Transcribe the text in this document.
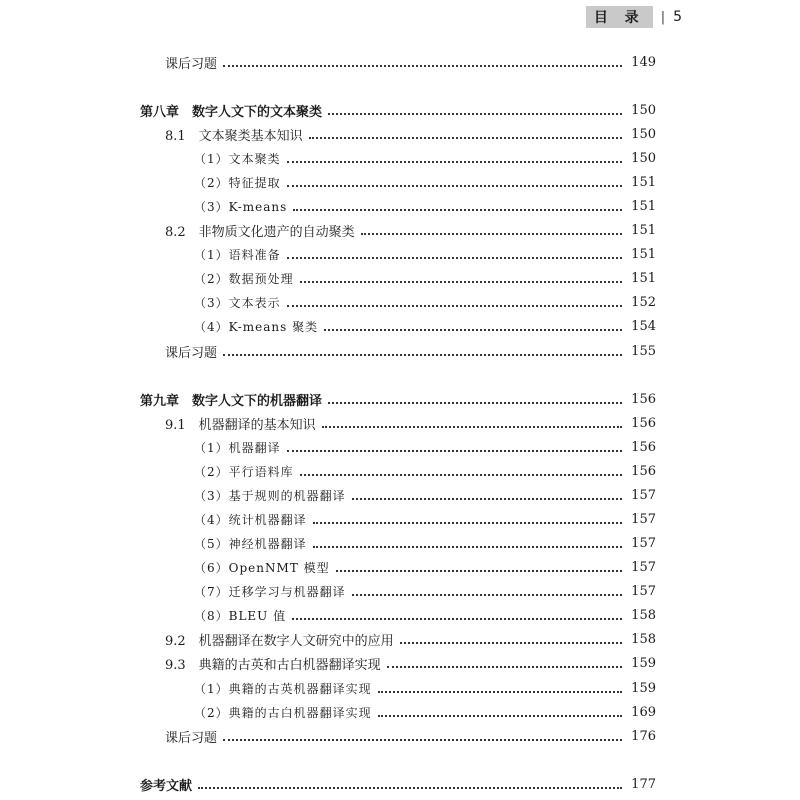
目 录	| 5
课后习题	149
第八章　数字人文下的文本聚类	150
8.1　文本聚类基本知识	150
（1）文本聚类	150
（2）特征提取	151
（3）K-means	151
8.2　非物质文化遗产的自动聚类	151
（1）语料准备	151
（2）数据预处理	151
（3）文本表示	152
（4）K-means 聚类	154
课后习题	155
第九章　数字人文下的机器翻译	156
9.1　机器翻译的基本知识	156
（1）机器翻译	156
（2）平行语料库	156
（3）基于规则的机器翻译	157
（4）统计机器翻译	157
（5）神经机器翻译	157
（6）OpenNMT 模型	157
（7）迁移学习与机器翻译	157
（8）BLEU 值	158
9.2　机器翻译在数字人文研究中的应用	158
9.3　典籍的古英和古白机器翻译实现	159
（1）典籍的古英机器翻译实现	159
（2）典籍的古白机器翻译实现	169
课后习题	176
参考文献	177
